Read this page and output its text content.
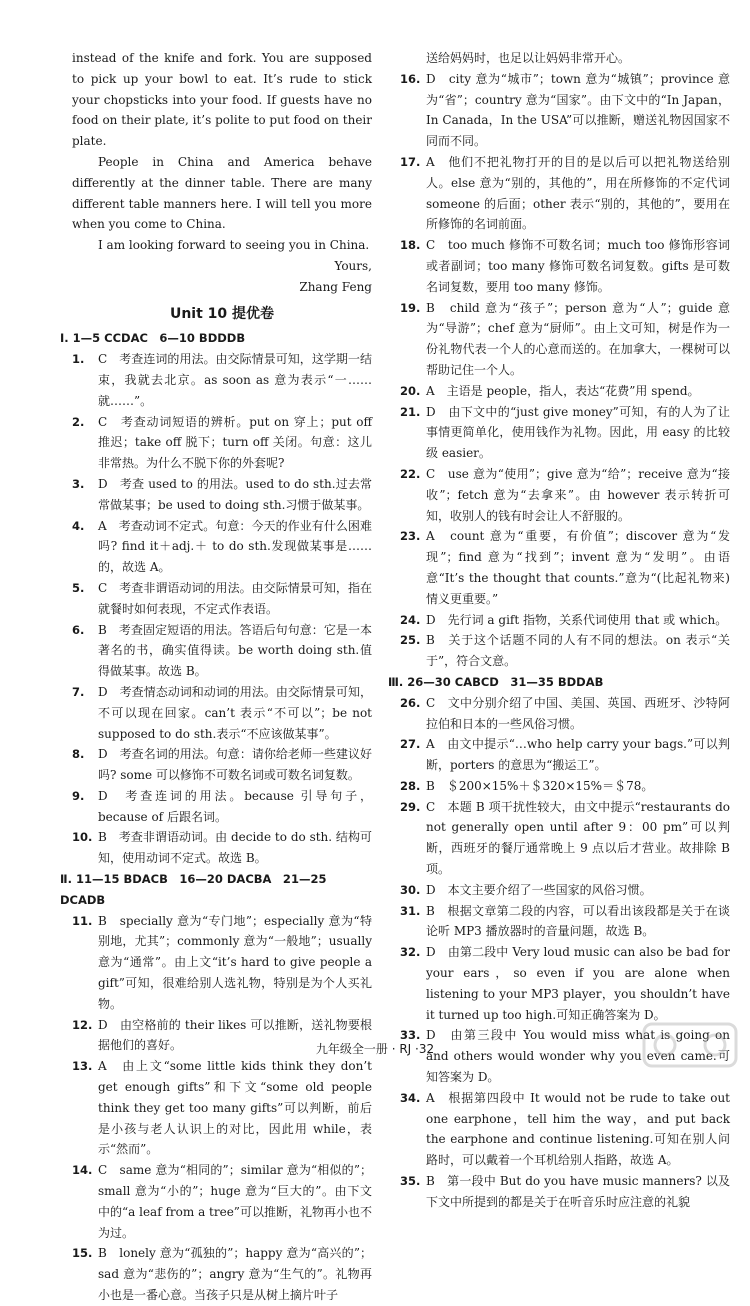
instead of the knife and fork. You are supposed to pick up your bowl to eat. It’s rude to stick your chopsticks into your food. If guests have no food on their plate, it’s polite to put food on their plate.

People in China and America behave differently at the dinner table. There are many different table manners here. I will tell you more when you come to China.

I am looking forward to seeing you in China.

Yours,

Zhang Feng

Unit 10 提优卷
Ⅰ. 1—5 CCDAC　6—10 BDDDB
1.	C　考查连词的用法。由交际情景可知，这学期一结束，我就去北京。as soon as 意为表示“一……就……”。
2.	C　考查动词短语的辨析。put on 穿上；put off 推迟；take off 脱下；turn off 关闭。句意：这儿非常热。为什么不脱下你的外套呢?
3.	D　考查 used to 的用法。used to do sth.过去常常做某事；be used to doing sth.习惯于做某事。
4.	A　考查动词不定式。句意：今天的作业有什么困难吗? find it＋adj.＋ to do sth.发现做某事是……的，故选 A。
5.	C　考查非谓语动词的用法。由交际情景可知，指在就餐时如何表现，不定式作表语。
6.	B　考查固定短语的用法。答语后句句意：它是一本著名的书，确实值得读。be worth doing sth.值得做某事。故选 B。
7.	D　考查情态动词和动词的用法。由交际情景可知，不可以现在回家。can’t 表示“不可以”；be not supposed to do sth.表示“不应该做某事”。
8.	D　考查名词的用法。句意：请你给老师一些建议好吗? some 可以修饰不可数名词或可数名词复数。
9.	D　考查连词的用法。because 引导句子，because of 后跟名词。
10. B　考查非谓语动词。由 decide to do sth. 结构可知，使用动词不定式。故选 B。
Ⅱ. 11—15 BDACB　16—20 DACBA　21—25 DCADB
11. B　specially 意为“专门地”；especially 意为“特别地，尤其”；commonly 意为“一般地”；usually 意为“通常”。由上文“it’s hard to give people a gift”可知，很难给别人选礼物，特别是为个人买礼物。
12. D　由空格前的 their likes 可以推断，送礼物要根据他们的喜好。
13. A　由上文“some little kids think they don’t get enough gifts”和下文“some old people think they get too many gifts”可以判断，前后是小孩与老人认识上的对比，因此用 while，表示“然而”。
14. C　same 意为“相同的”；similar 意为“相似的”；small 意为“小的”；huge 意为“巨大的”。由下文中的“a leaf from a tree”可以推断，礼物再小也不为过。
15. B　lonely 意为“孤独的”；happy 意为“高兴的”；sad 意为“悲伤的”；angry 意为“生气的”。礼物再小也是一番心意。当孩子只是从树上摘片叶子
送给妈妈时，也足以让妈妈非常开心。
16. D　city 意为“城市”；town 意为“城镇”；province 意为“省”；country 意为“国家”。由下文中的“In Japan，In Canada，In the USA”可以推断，赠送礼物因国家不同而不同。
17. A　他们不把礼物打开的目的是以后可以把礼物送给别人。else 意为“别的，其他的”，用在所修饰的不定代词 someone 的后面；other 表示“别的，其他的”，要用在所修饰的名词前面。
18. C　too much 修饰不可数名词；much too 修饰形容词或者副词；too many 修饰可数名词复数。gifts 是可数名词复数，要用 too many 修饰。
19. B　child 意为“孩子”；person 意为“人”；guide 意为“导游”；chef 意为“厨师”。由上文可知，树是作为一份礼物代表一个人的心意而送的。在加拿大，一棵树可以帮助记住一个人。
20. A　主语是 people，指人，表达“花费”用 spend。
21. D　由下文中的“just give money”可知，有的人为了让事情更简单化，使用钱作为礼物。因此，用 easy 的比较级 easier。
22. C　use 意为“使用”；give 意为“给”；receive 意为“接收”；fetch 意为“去拿来”。由 however 表示转折可知，收别人的钱有时会让人不舒服的。
23. A　count 意为“重要，有价值”；discover 意为“发现”；find 意为“找到”；invent 意为“发明”。由语意“It’s the thought that counts.”意为“(比起礼物来)情义更重要。”
24. D　先行词 a gift 指物，关系代词使用 that 或 which。
25. B　关于这个话题不同的人有不同的想法。on 表示“关于”，符合文意。
Ⅲ. 26—30 CABCD　31—35 BDDAB
26. C　文中分别介绍了中国、美国、英国、西班牙、沙特阿拉伯和日本的一些风俗习惯。
27. A　由文中提示“…who help carry your bags.”可以判断，porters 的意思为“搬运工”。
28. B　＄200×15%＋＄320×15%＝＄78。
29. C　本题 B 项干扰性较大，由文中提示“restaurants do not generally open until after 9：00 pm”可以判断，西班牙的餐厅通常晚上 9 点以后才营业。故排除 B 项。
30. D　本文主要介绍了一些国家的风俗习惯。
31. B　根据文章第二段的内容，可以看出该段都是关于在谈论听 MP3 播放器时的音量问题，故选 B。
32. D　由第二段中 Very loud music can also be bad for your ears，so even if you are alone when listening to your MP3 player，you shouldn’t have it turned up too high.可知正确答案为 D。
33. D　由第三段中 You would miss what is going on and others would wonder why you even came.可知答案为 D。
34. A　根据第四段中 It would not be rude to take out one earphone，tell him the way，and put back the earphone and continue listening.可知在别人问路时，可以戴着一个耳机给别人指路，故选 A。
35. B　第一段中 But do you have music manners? 以及下文中所提到的都是关于在听音乐时应注意的礼貌
九年级全一册 · RJ ·32
